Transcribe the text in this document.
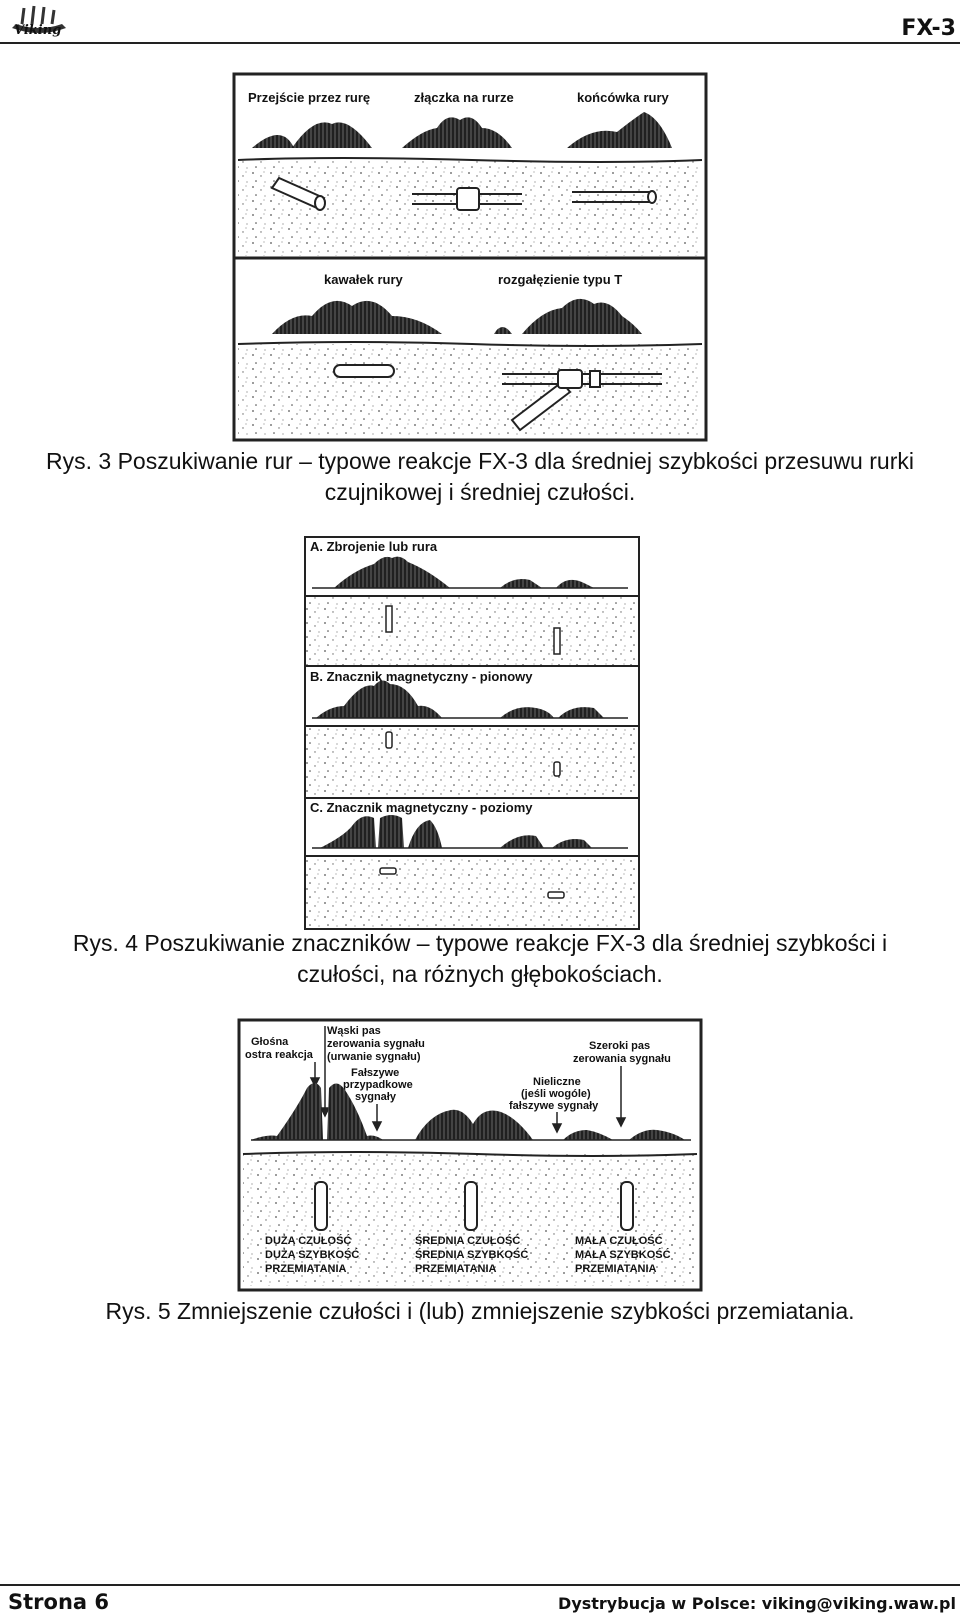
Viking	FX-3
Przejście przez rurę	złączka na rurze	końcówka rury
kawałek rury	rozgałęzienie typu T
Rys. 3 Poszukiwanie rur – typowe reakcje FX-3 dla średniej szybkości przesuwu rurki
czujnikowej i średniej czułości.
A. Zbrojenie lub rura
B. Znacznik magnetyczny - pionowy
C. Znacznik magnetyczny - poziomy
Rys. 4 Poszukiwanie znaczników – typowe reakcje FX-3 dla średniej szybkości i
czułości, na różnych głębokościach.
Głośna
ostra reakcja
Wąski pas
zerowania sygnału
(urwanie sygnału)
Fałszywe
przypadkowe
sygnały
Nieliczne
(jeśli wogóle)
fałszywe sygnały
Szeroki pas
zerowania sygnału
DUŻA CZUŁOŚĆ
DUŻA SZYBKOŚĆ
PRZEMIATANIA
ŚREDNIA CZUŁOŚĆ
ŚREDNIA SZYBKOŚĆ
PRZEMIATANIA
MAŁA CZUŁOŚĆ
MAŁA SZYBKOŚĆ
PRZEMIATANIA
Rys. 5 Zmniejszenie czułości i (lub) zmniejszenie szybkości przemiatania.
Strona 6	Dystrybucja w Polsce: viking@viking.waw.pl
